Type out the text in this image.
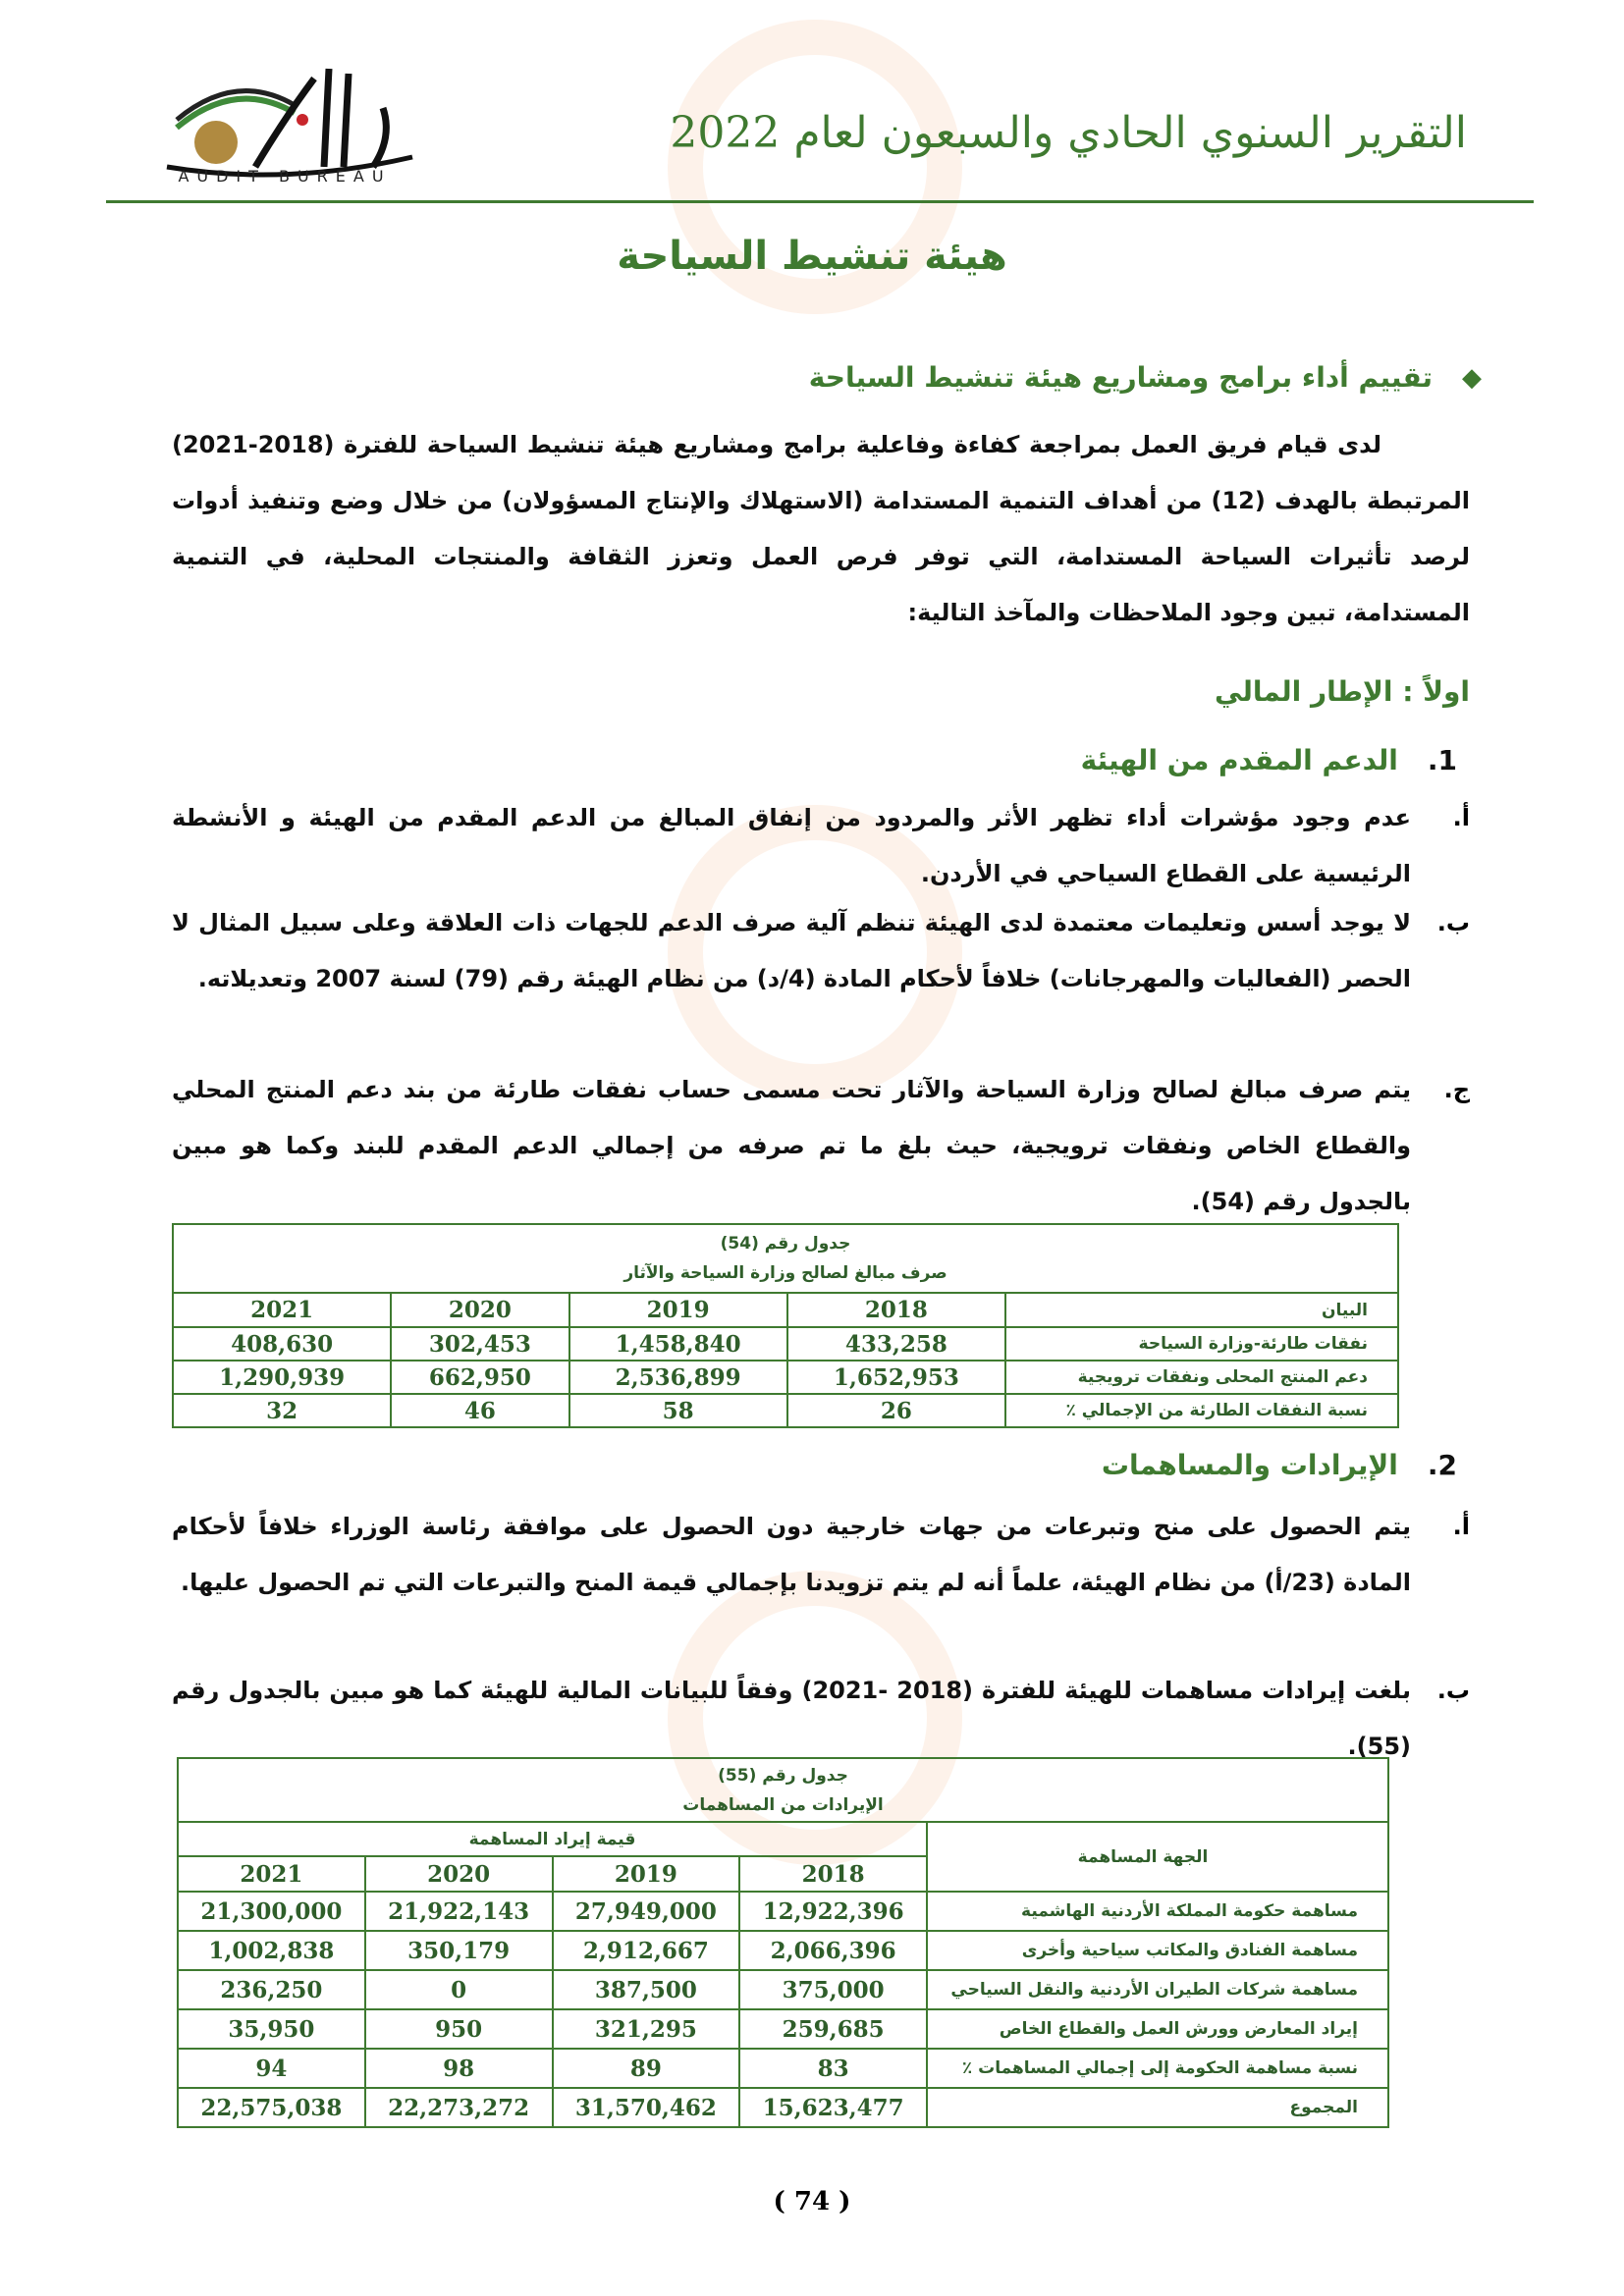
AUDIT BUREAU
التقرير السنوي الحادي والسبعون لعام 2022
هيئة تنشيط السياحة
◆
تقييم أداء برامج ومشاريع هيئة تنشيط السياحة
لدى قيام فريق العمل بمراجعة كفاءة وفاعلية برامج ومشاريع هيئة تنشيط السياحة للفترة (2018-2021) المرتبطة بالهدف (12) من أهداف التنمية المستدامة (الاستهلاك والإنتاج المسؤولان) من خلال وضع وتنفيذ أدوات لرصد تأثيرات السياحة المستدامة، التي توفر فرص العمل وتعزز الثقافة والمنتجات المحلية، في التنمية المستدامة، تبين وجود الملاحظات والمآخذ التالية:
اولاً : الإطار المالي
1.
الدعم المقدم من الهيئة
أ.
عدم وجود مؤشرات أداء تظهر الأثر والمردود من إنفاق المبالغ من الدعم المقدم من الهيئة و الأنشطة الرئيسية على القطاع السياحي في الأردن.
ب.
لا يوجد أسس وتعليمات معتمدة لدى الهيئة تنظم آلية صرف الدعم للجهات ذات العلاقة وعلى سبيل المثال لا الحصر (الفعاليات والمهرجانات) خلافاً لأحكام المادة (4/د) من نظام الهيئة رقم (79) لسنة 2007 وتعديلاته.
ج.
يتم صرف مبالغ لصالح وزارة السياحة والآثار تحت مسمى حساب نفقات طارئة من بند دعم المنتج المحلي والقطاع الخاص ونفقات ترويجية، حيث بلغ ما تم صرفه من إجمالي الدعم المقدم للبند وكما هو مبين بالجدول رقم (54).
جدول رقم (54)
صرف مبالغ لصالح وزارة السياحة والآثار				

البيان	2018	2019	2020	2021
نفقات طارئة-وزارة السياحة	433,258	1,458,840	302,453	408,630
دعم المنتج المحلى ونفقات ترويجية	1,652,953	2,536,899	662,950	1,290,939
نسبة النفقات الطارئة من الإجمالي ٪	26	58	46	32
2.
الإيرادات والمساهمات
أ.
يتم الحصول على منح وتبرعات من جهات خارجية دون الحصول على موافقة رئاسة الوزراء خلافاً لأحكام المادة (23/أ) من نظام الهيئة، علماً أنه لم يتم تزويدنا بإجمالي قيمة المنح والتبرعات التي تم الحصول عليها.
ب.
بلغت إيرادات مساهمات للهيئة للفترة (2018 -2021) وفقاً للبيانات المالية للهيئة كما هو مبين بالجدول رقم (55).
جدول رقم (55)
الإيرادات من المساهمات				

الجهة المساهمة	قيمة إيراد المساهمة			
	2018	2019	2020	2021
مساهمة حكومة المملكة الأردنية الهاشمية	12,922,396	27,949,000	21,922,143	21,300,000
مساهمة الفنادق والمكاتب سياحية وأخرى	2,066,396	2,912,667	350,179	1,002,838
مساهمة شركات الطيران الأردنية والنقل السياحي	375,000	387,500	0	236,250
إيراد المعارض وورش العمل والقطاع الخاص	259,685	321,295	950	35,950
نسبة مساهمة الحكومة إلى إجمالي المساهمات ٪	83	89	98	94
المجموع	15,623,477	31,570,462	22,273,272	22,575,038
( 74 )
